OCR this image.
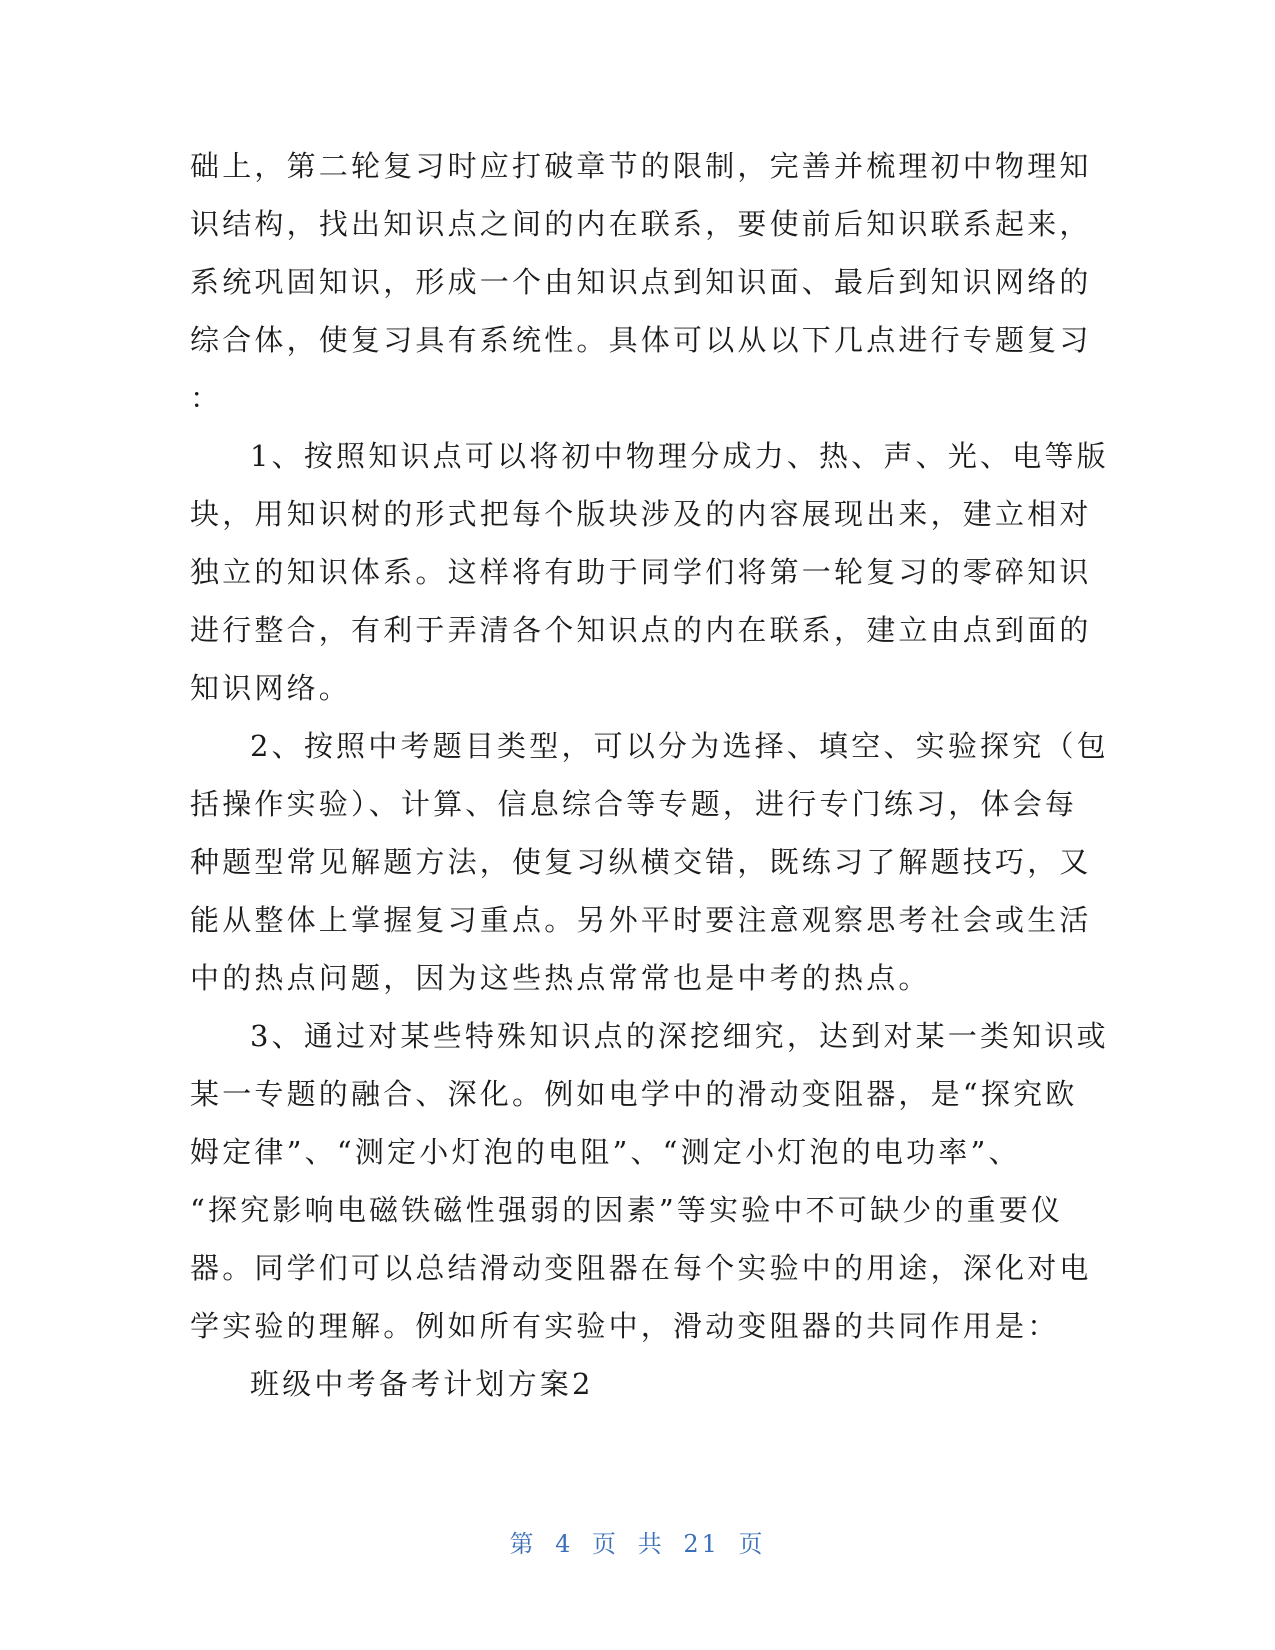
础上，第二轮复习时应打破章节的限制，完善并梳理初中物理知
识结构，找出知识点之间的内在联系，要使前后知识联系起来，
系统巩固知识，形成一个由知识点到知识面、最后到知识网络的
综合体，使复习具有系统性。具体可以从以下几点进行专题复习
：
1、按照知识点可以将初中物理分成力、热、声、光、电等版
块，用知识树的形式把每个版块涉及的内容展现出来，建立相对
独立的知识体系。这样将有助于同学们将第一轮复习的零碎知识
进行整合，有利于弄清各个知识点的内在联系，建立由点到面的
知识网络。
2、按照中考题目类型，可以分为选择、填空、实验探究（包
括操作实验）、计算、信息综合等专题，进行专门练习，体会每
种题型常见解题方法，使复习纵横交错，既练习了解题技巧，又
能从整体上掌握复习重点。另外平时要注意观察思考社会或生活
中的热点问题，因为这些热点常常也是中考的热点。
3、通过对某些特殊知识点的深挖细究，达到对某一类知识或
某一专题的融合、深化。例如电学中的滑动变阻器，是“探究欧
姆定律”、“测定小灯泡的电阻”、“测定小灯泡的电功率”、
“探究影响电磁铁磁性强弱的因素”等实验中不可缺少的重要仪
器。同学们可以总结滑动变阻器在每个实验中的用途，深化对电
学实验的理解。例如所有实验中，滑动变阻器的共同作用是：
班级中考备考计划方案2
第 4 页 共 21 页
